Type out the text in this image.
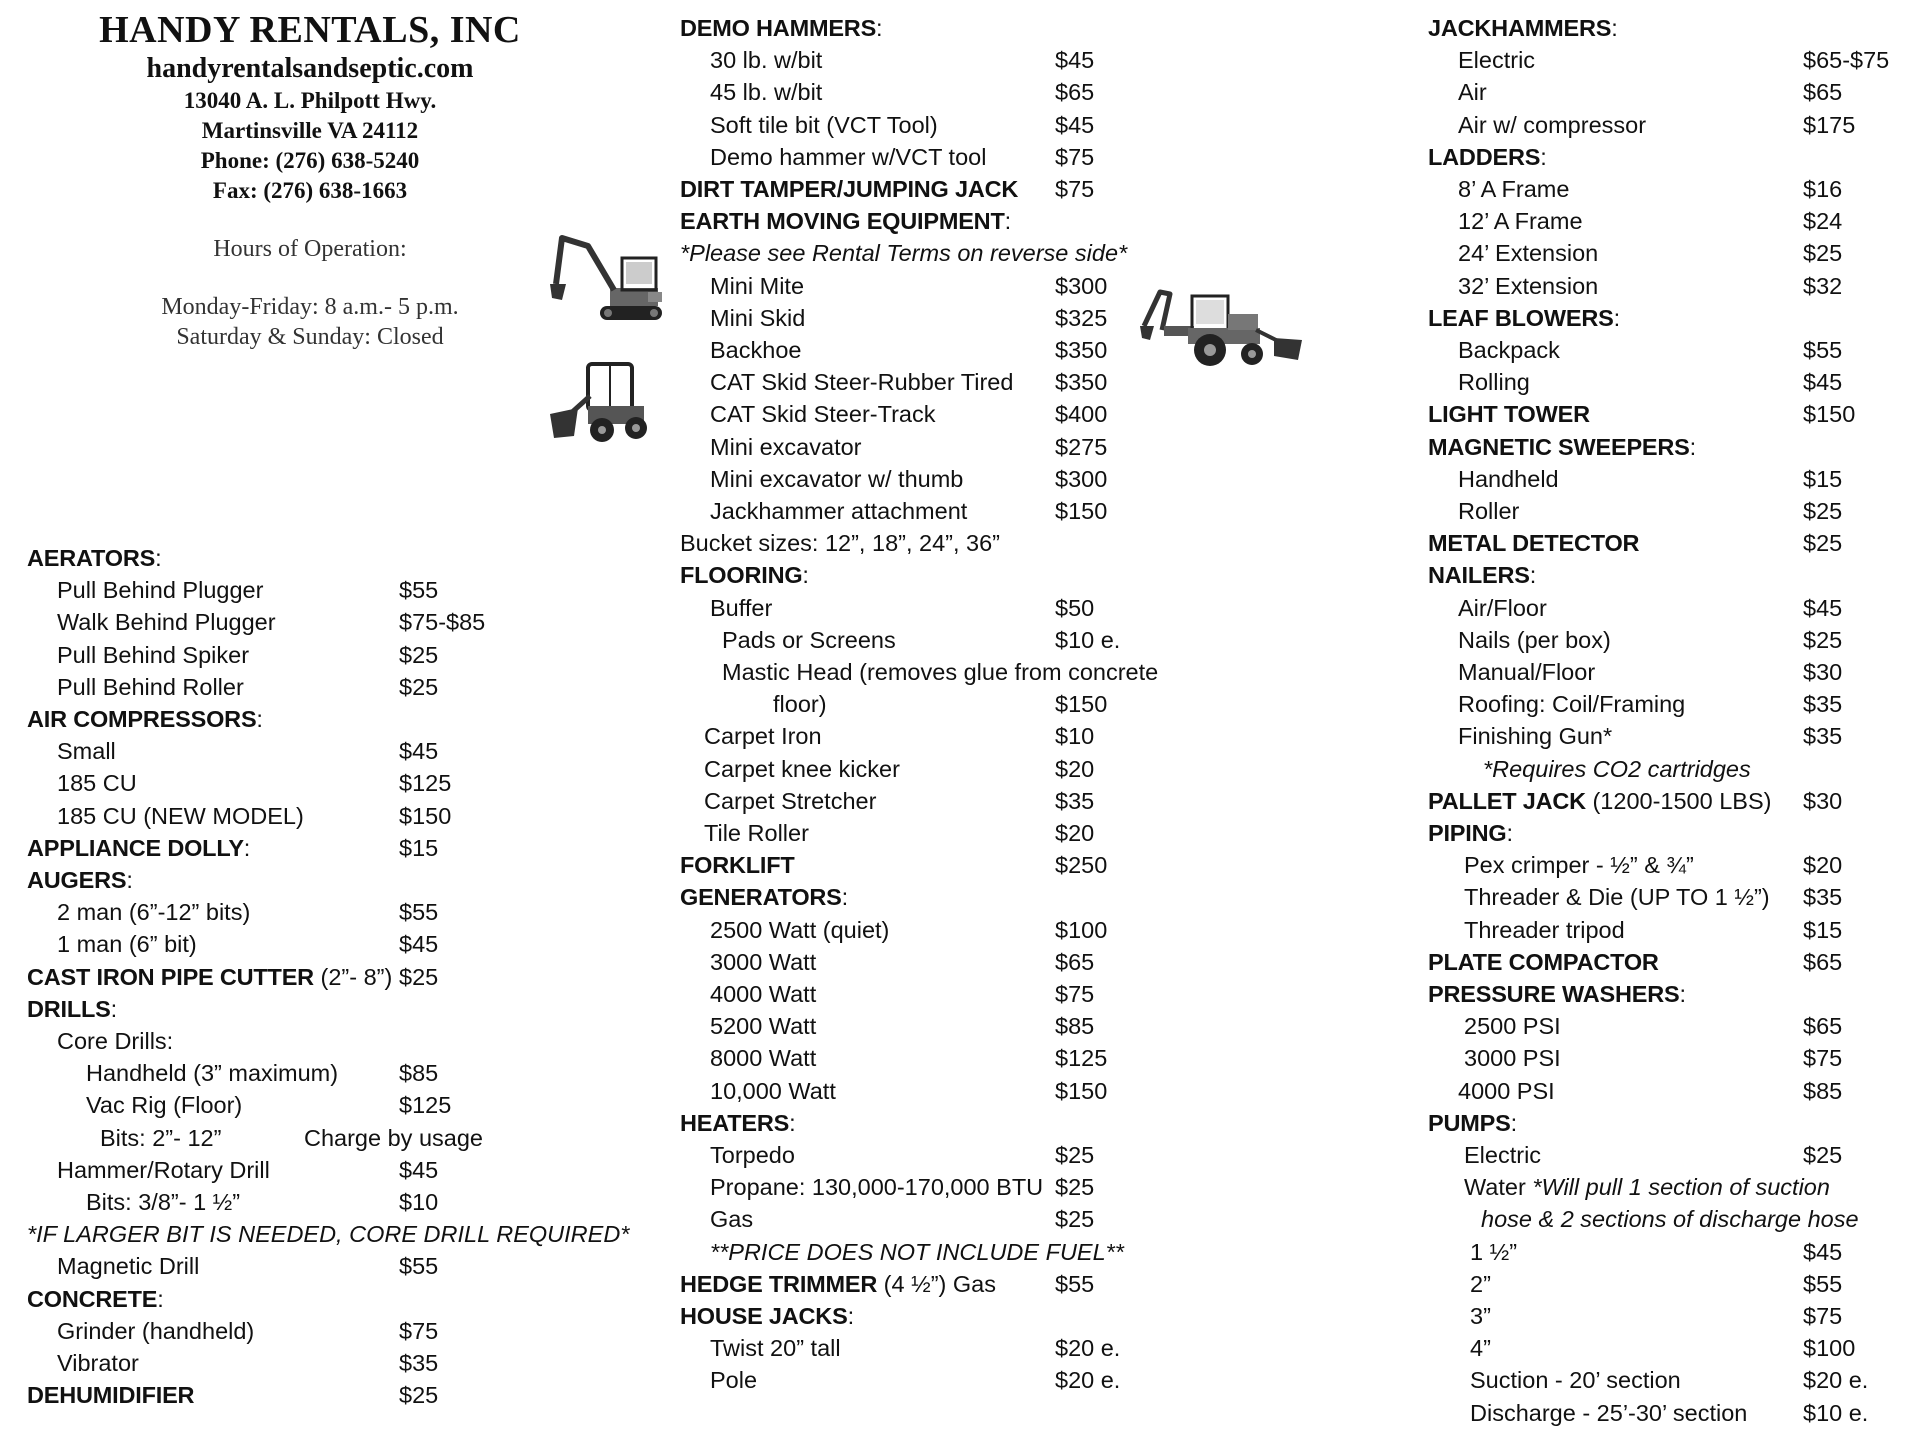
HANDY RENTALS, INC
handyrentalsandseptic.com
13040 A. L. Philpott Hwy.
Martinsville VA 24112
Phone: (276) 638-5240
Fax: (276) 638-1663
Hours of Operation:
Monday-Friday: 8 a.m.- 5 p.m.
Saturday & Sunday: Closed
AERATORS:
Pull Behind Plugger	$55
Walk Behind Plugger	$75-$85
Pull Behind Spiker	$25
Pull Behind Roller	$25
AIR COMPRESSORS:
Small	$45
185 CU	$125
185 CU (NEW MODEL)	$150
APPLIANCE DOLLY:	$15
AUGERS:
2 man (6”-12” bits)	$55
1 man (6” bit)	$45
CAST IRON PIPE CUTTER (2”- 8”) $25
DRILLS:
Core Drills:
Handheld (3” maximum)	$85
Vac Rig (Floor)	$125
Bits: 2”- 12”	Charge by usage
Hammer/Rotary Drill	$45
Bits: 3/8”- 1 ½”	$10
*IF LARGER BIT IS NEEDED, CORE DRILL REQUIRED*
Magnetic Drill	$55
CONCRETE:
Grinder (handheld)	$75
Vibrator	$35
DEHUMIDIFIER	$25
DEMO HAMMERS:
30 lb. w/bit	$45
45 lb. w/bit	$65
Soft tile bit (VCT Tool)	$45
Demo hammer w/VCT tool	$75
DIRT TAMPER/JUMPING JACK $75
EARTH MOVING EQUIPMENT:
*Please see Rental Terms on reverse side*
Mini Mite	$300
Mini Skid	$325
Backhoe	$350
CAT Skid Steer-Rubber Tired $350
CAT Skid Steer-Track	$400
Mini excavator	$275
Mini excavator w/ thumb	$300
Jackhammer attachment	$150
Bucket sizes: 12”, 18”, 24”, 36”
FLOORING:
Buffer	$50
Pads or Screens	$10 e.
Mastic Head (removes glue from concrete
floor)	$150
Carpet Iron	$10
Carpet knee kicker	$20
Carpet Stretcher	$35
Tile Roller	$20
FORKLIFT	$250
GENERATORS:
2500 Watt (quiet)	$100
3000 Watt	$65
4000 Watt	$75
5200 Watt	$85
8000 Watt	$125
10,000 Watt	$150
HEATERS:
Torpedo	$25
Propane: 130,000-170,000 BTU $25
Gas	$25
**PRICE DOES NOT INCLUDE FUEL**
HEDGE TRIMMER (4 ½”) Gas	$55
HOUSE JACKS:
Twist 20” tall	$20 e.
Pole	$20 e.
JACKHAMMERS:
Electric	$65-$75
Air	$65
Air w/ compressor	$175
LADDERS:
8’ A Frame	$16
12’ A Frame	$24
24’ Extension	$25
32’ Extension	$32
LEAF BLOWERS:
Backpack	$55
Rolling	$45
LIGHT TOWER	$150
MAGNETIC SWEEPERS:
Handheld	$15
Roller	$25
METAL DETECTOR	$25
NAILERS:
Air/Floor	$45
Nails (per box)	$25
Manual/Floor	$30
Roofing: Coil/Framing	$35
Finishing Gun*	$35
*Requires CO2 cartridges
PALLET JACK (1200-1500 LBS) $30
PIPING:
Pex crimper - ½” & ¾”	$20
Threader & Die (UP TO 1 ½”) $35
Threader tripod	$15
PLATE COMPACTOR	$65
PRESSURE WASHERS:
2500 PSI	$65
3000 PSI	$75
4000 PSI	$85
PUMPS:
Electric	$25
Water *Will pull 1 section of suction
hose & 2 sections of discharge hose
1 ½”	$45
2”	$55
3”	$75
4”	$100
Suction - 20’ section	$20 e.
Discharge - 25’-30’ section $10 e.
